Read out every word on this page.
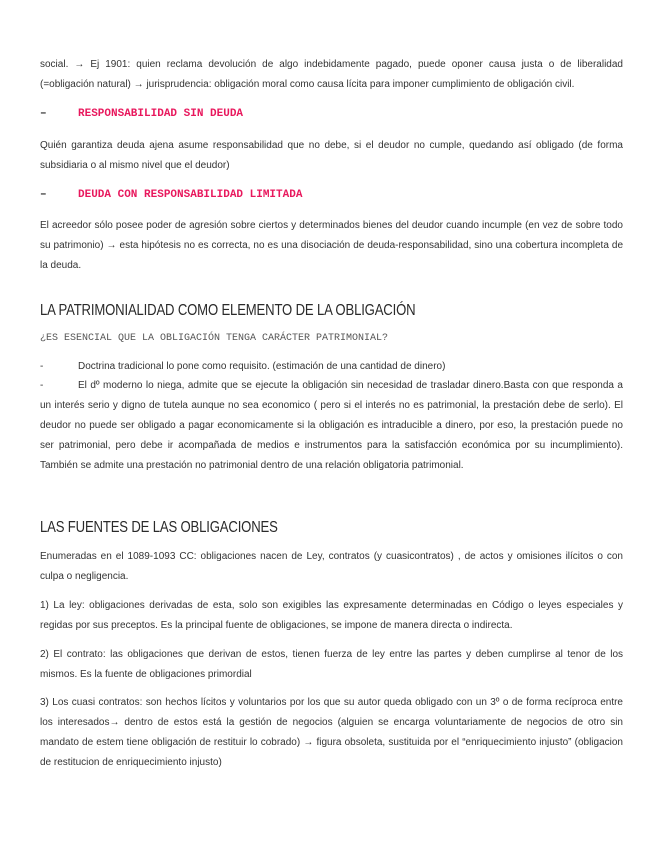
social. → Ej 1901: quien reclama devolución de algo indebidamente pagado, puede oponer causa justa o de liberalidad (=obligación natural) → jurisprudencia: obligación moral como causa lícita para imponer cumplimiento de obligación civil.

–	RESPONSABILIDAD SIN DEUDA

Quién garantiza deuda ajena asume responsabilidad que no debe, si el deudor no cumple, quedando así obligado (de forma subsidiaria o al mismo nivel que el deudor)

–	DEUDA CON RESPONSABILIDAD LIMITADA

El acreedor sólo posee poder de agresión sobre ciertos y determinados bienes del deudor cuando incumple (en vez de sobre todo su patrimonio) → esta hipótesis no es correcta, no es una disociación de deuda-responsabilidad, sino una cobertura incompleta de la deuda.

LA PATRIMONIALIDAD COMO ELEMENTO DE LA OBLIGACIÓN

¿ES ESENCIAL QUE LA OBLIGACIÓN TENGA CARÁCTER PATRIMONIAL?

-	Doctrina tradicional lo pone como requisito. (estimación de una cantidad de dinero)
-	El dº moderno lo niega, admite que se ejecute la obligación sin necesidad de trasladar dinero.Basta con que responda a un interés serio y digno de tutela aunque no sea economico ( pero si el interés no es patrimonial, la prestación debe de serlo). El deudor no puede ser obligado a pagar economicamente si la obligación es intraducible a dinero, por eso, la prestación puede no ser patrimonial, pero debe ir acompañada de medios e instrumentos para la satisfacción económica por su incumplimiento). También se admite una prestación no patrimonial dentro de una relación obligatoria patrimonial.

LAS FUENTES DE LAS OBLIGACIONES

Enumeradas en el 1089-1093 CC: obligaciones nacen de Ley, contratos (y cuasicontratos) , de actos y omisiones ilícitos o con culpa o negligencia.

1) La ley: obligaciones derivadas de esta, solo son exigibles las expresamente determinadas en Código o leyes especiales y regidas por sus preceptos. Es la principal fuente de obligaciones, se impone de manera directa o indirecta.

2) El contrato: las obligaciones que derivan de estos, tienen fuerza de ley entre las partes y deben cumplirse al tenor de los mismos. Es la fuente de obligaciones primordial

3) Los cuasi contratos: son hechos lícitos y voluntarios por los que su autor queda obligado con un 3º o de forma recíproca entre los interesados→ dentro de estos está la gestión de negocios (alguien se encarga voluntariamente de negocios de otro sin mandato de estem tiene obligación de restituir lo cobrado) → figura obsoleta, sustituida por el “enriquecimiento injusto” (obligacion de restitucion de enriquecimiento injusto)
